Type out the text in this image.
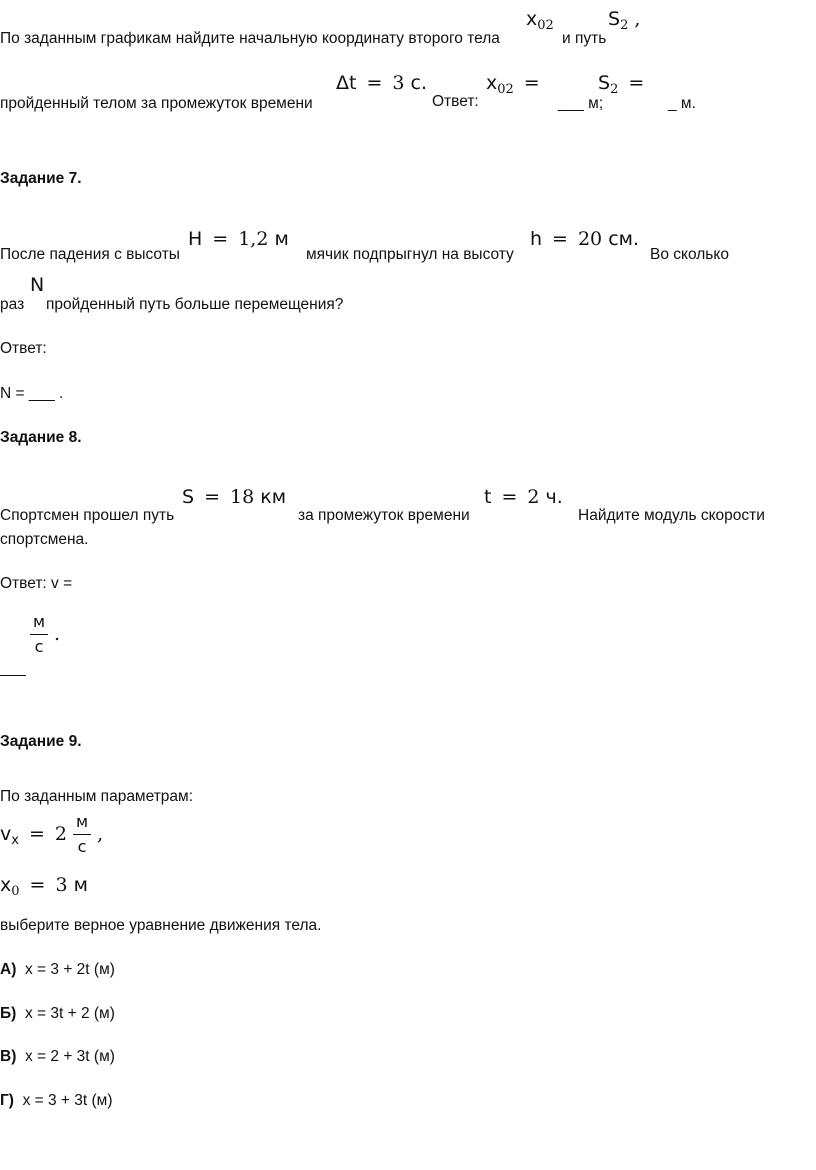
По заданным графикам найдите начальную координату второго тела
$x_{02}$
и путь
$S_2$ ,
пройденный телом за промежуток времени
Δt = 3 с.
Ответ:
$x_{02}$ =
___ м;
$S_2$ =
_ м.
Задание 7.
После падения с высоты
H = 1,2 м
мячик подпрыгнул на высоту
h = 20 см.
Во сколько
раз
N
пройденный путь больше перемещения?
Ответ:
N = ___ .
Задание 8.
Спортсмен прошел путь
S = 18 км
за промежуток времени
t = 2 ч.
Найдите модуль скорости
спортсмена.
Ответ: v =
$\frac{м}{с}$ .
___
Задание 9.
По заданным параметрам:
$v_x = 2 \frac{м}{с}$ ,
$x_0 = 3$ м
выберите верное уравнение движения тела.
А) x = 3 + 2t (м)
Б) x = 3t + 2 (м)
В) x = 2 + 3t (м)
Г) x = 3 + 3t (м)
